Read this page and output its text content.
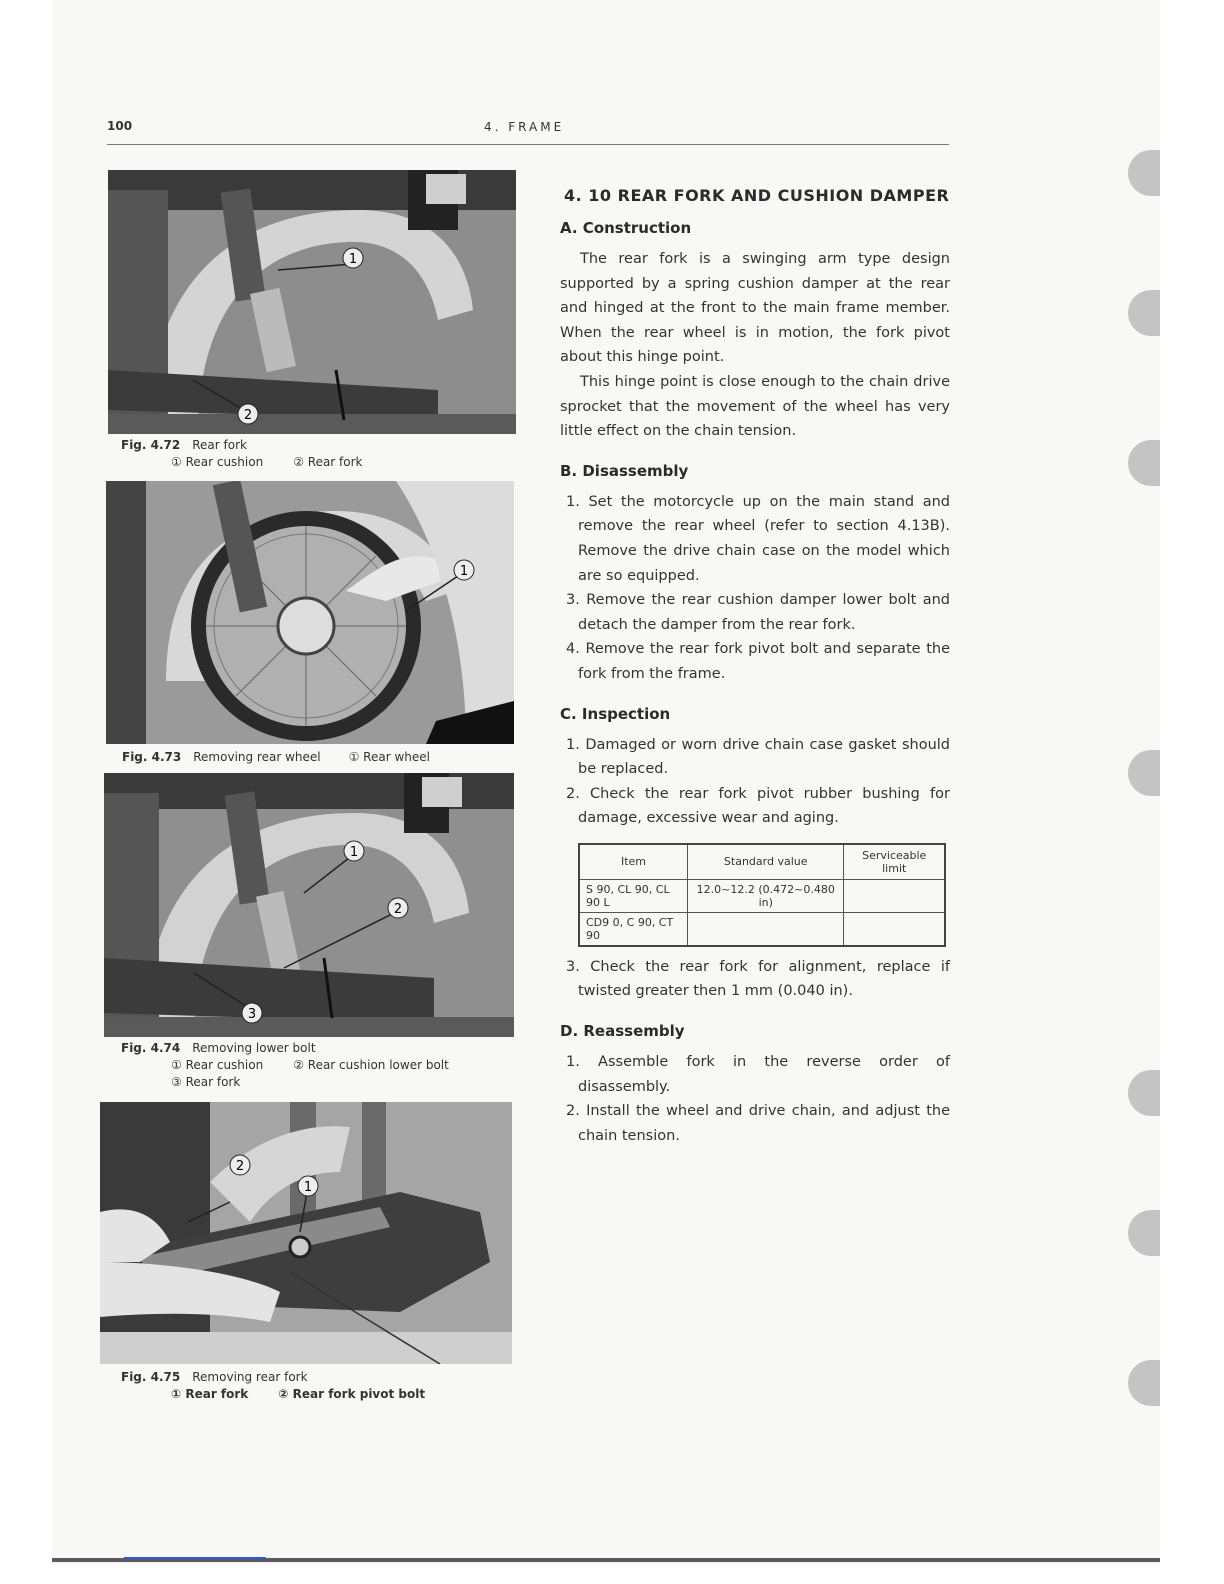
100	4. FRAME
1
2
Fig. 4.72 Rear fork
① Rear cushion	② Rear fork
1
Fig. 4.73 Removing rear wheel ① Rear wheel
1
2
3
Fig. 4.74 Removing lower bolt
① Rear cushion	② Rear cushion lower bolt
③ Rear fork
2
1
Fig. 4.75 Removing rear fork
① Rear fork	② Rear fork pivot bolt
4. 10 REAR FORK AND CUSHION DAMPER
A. Construction

The rear fork is a swinging arm type design supported by a spring cushion damper at the rear and hinged at the front to the main frame member. When the rear wheel is in motion, the fork pivot about this hinge point.

This hinge point is close enough to the chain drive sprocket that the movement of the wheel has very little effect on the chain tension.

B. Disassembly
1. Set the motorcycle up on the main stand and remove the rear wheel (refer to section 4.13B). Remove the drive chain case on the model which are so equipped.
3. Remove the rear cushion damper lower bolt and detach the damper from the rear fork.
4. Remove the rear fork pivot bolt and separate the fork from the frame.
C. Inspection
1. Damaged or worn drive chain case gasket should be replaced.
2. Check the rear fork pivot rubber bushing for damage, excessive wear and aging.
Item	Standard value	Serviceable limit
S 90, CL 90, CL 90 L	12.0~12.2 (0.472~0.480 in)	
CD9 0, C 90, CT 90		
3. Check the rear fork for alignment, replace if twisted greater then 1 mm (0.040 in).
D. Reassembly
1. Assemble fork in the reverse order of disassembly.
2. Install the wheel and drive chain, and adjust the chain tension.
